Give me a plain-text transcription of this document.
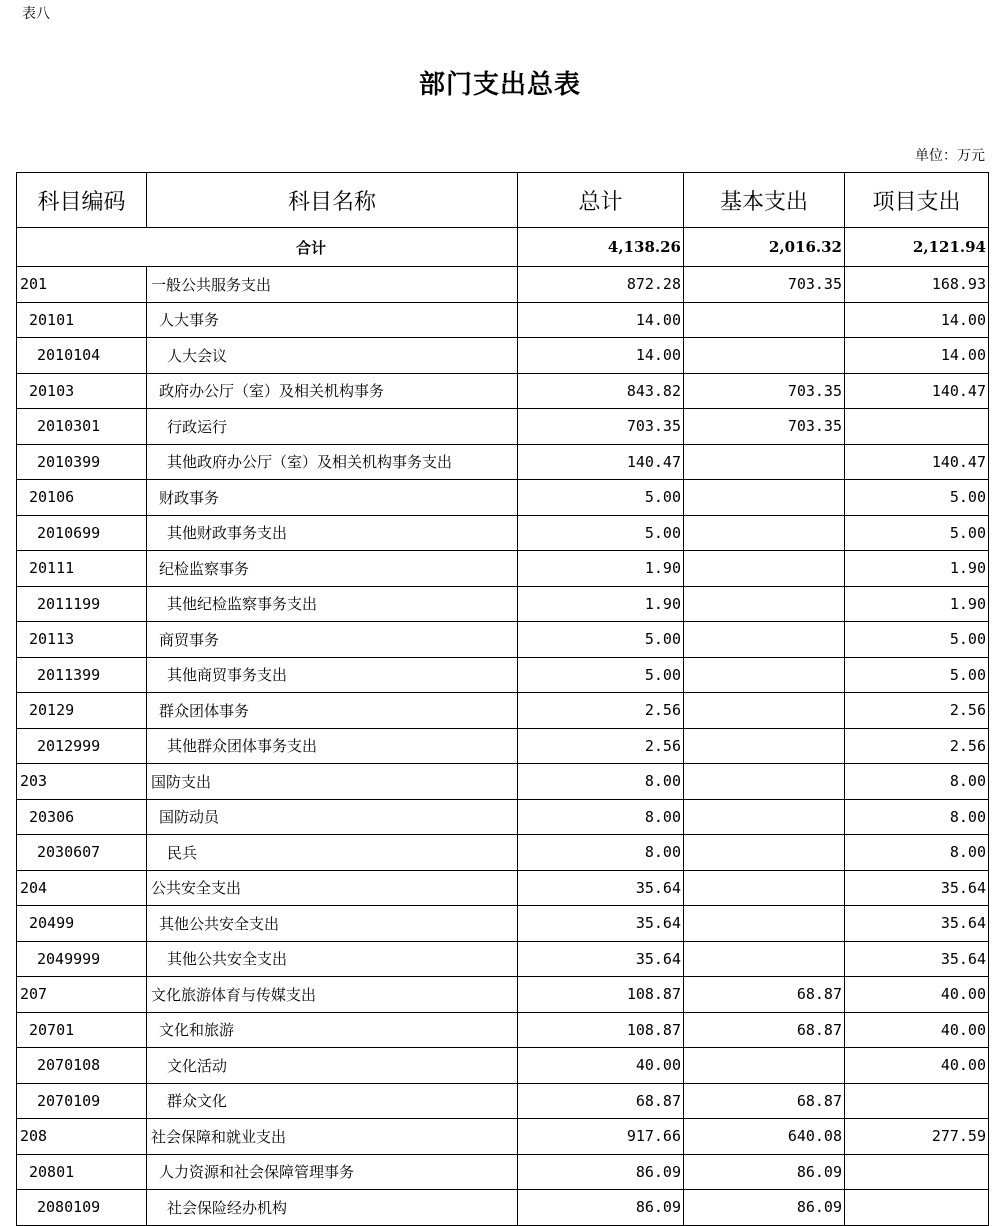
表八
部门支出总表
单位：万元
科目编码	科目名称	总计	基本支出	项目支出
合计		4,138.26	2,016.32	2,121.94
201	一般公共服务支出	872.28	703.35	168.93
20101	人大事务	14.00		14.00
2010104	人大会议	14.00		14.00
20103	政府办公厅（室）及相关机构事务	843.82	703.35	140.47
2010301	行政运行	703.35	703.35	
2010399	其他政府办公厅（室）及相关机构事务支出	140.47		140.47
20106	财政事务	5.00		5.00
2010699	其他财政事务支出	5.00		5.00
20111	纪检监察事务	1.90		1.90
2011199	其他纪检监察事务支出	1.90		1.90
20113	商贸事务	5.00		5.00
2011399	其他商贸事务支出	5.00		5.00
20129	群众团体事务	2.56		2.56
2012999	其他群众团体事务支出	2.56		2.56
203	国防支出	8.00		8.00
20306	国防动员	8.00		8.00
2030607	民兵	8.00		8.00
204	公共安全支出	35.64		35.64
20499	其他公共安全支出	35.64		35.64
2049999	其他公共安全支出	35.64		35.64
207	文化旅游体育与传媒支出	108.87	68.87	40.00
20701	文化和旅游	108.87	68.87	40.00
2070108	文化活动	40.00		40.00
2070109	群众文化	68.87	68.87	
208	社会保障和就业支出	917.66	640.08	277.59
20801	人力资源和社会保障管理事务	86.09	86.09	
2080109	社会保险经办机构	86.09	86.09	
